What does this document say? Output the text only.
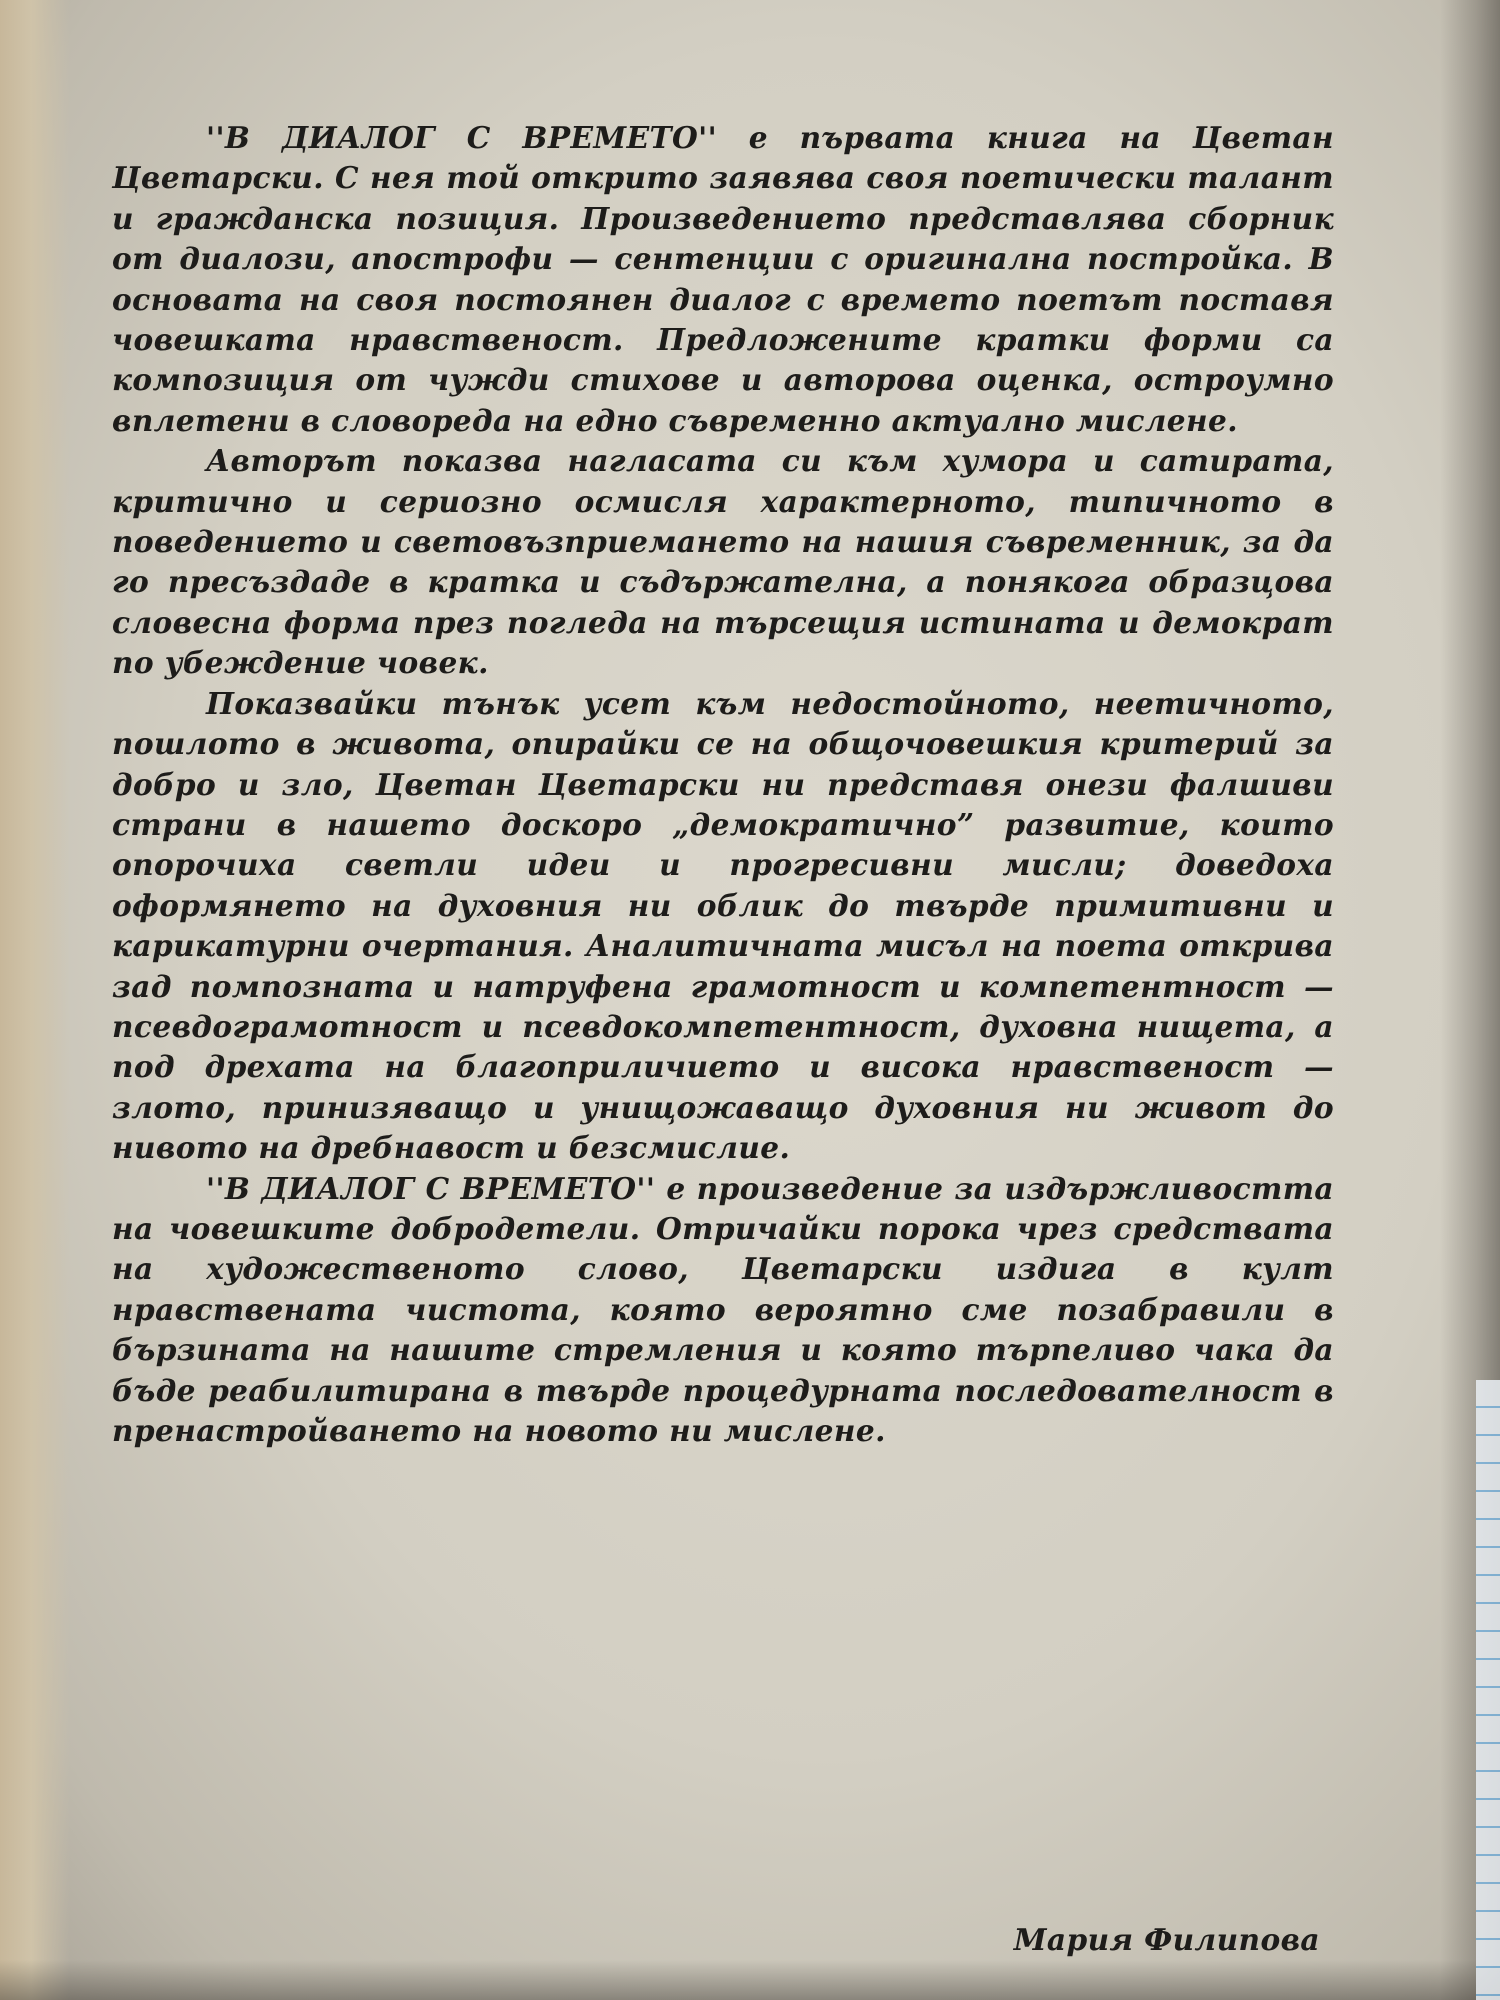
''В ДИАЛОГ С ВРЕМЕТО'' е първата книга на Цветан Цветарски. С нея той открито заявява своя поетически талант и гражданска позиция. Произведението представлява сборник от диалози, апострофи — сентенции с оригинална постройка. В основата на своя постоянен диалог с времето поетът поставя човешката нравственост. Предложените кратки форми са композиция от чужди стихове и авторова оценка, остроумно вплетени в словореда на едно съвременно актуално мислене.

Авторът показва нагласата си към хумора и сатирата, критично и сериозно осмисля характерното, типичното в поведението и световъзприемането на нашия съвременник, за да го пресъздаде в кратка и съдържателна, а понякога образцова словесна форма през погледа на търсещия истината и демократ по убеждение човек.

Показвайки тънък усет към недостойното, неетичното, пошлото в живота, опирайки се на общочовешкия критерий за добро и зло, Цветан Цветарски ни представя онези фалшиви страни в нашето доскоро „демократично” развитие, които опорочиха светли идеи и прогресивни мисли; доведоха оформянето на духовния ни облик до твърде примитивни и карикатурни очертания. Аналитичната мисъл на поета открива зад помпозната и натруфена грамотност и компетентност — псевдограмотност и псевдокомпетентност, духовна нищета, а под дрехата на благоприличието и висока нравственост — злото, принизяващо и унищожаващо духовния ни живот до нивото на дребнавост и безсмислие.

''В ДИАЛОГ С ВРЕМЕТО'' е произведение за издържливостта на човешките добродетели. Отричайки порока чрез средствата на художественото слово, Цветарски издига в култ нравствената чистота, която вероятно сме позабравили в бързината на нашите стремления и която търпеливо чака да бъде реабилитирана в твърде процедурната последователност в пренастройването на новото ни мислене.

Мария Филипова
